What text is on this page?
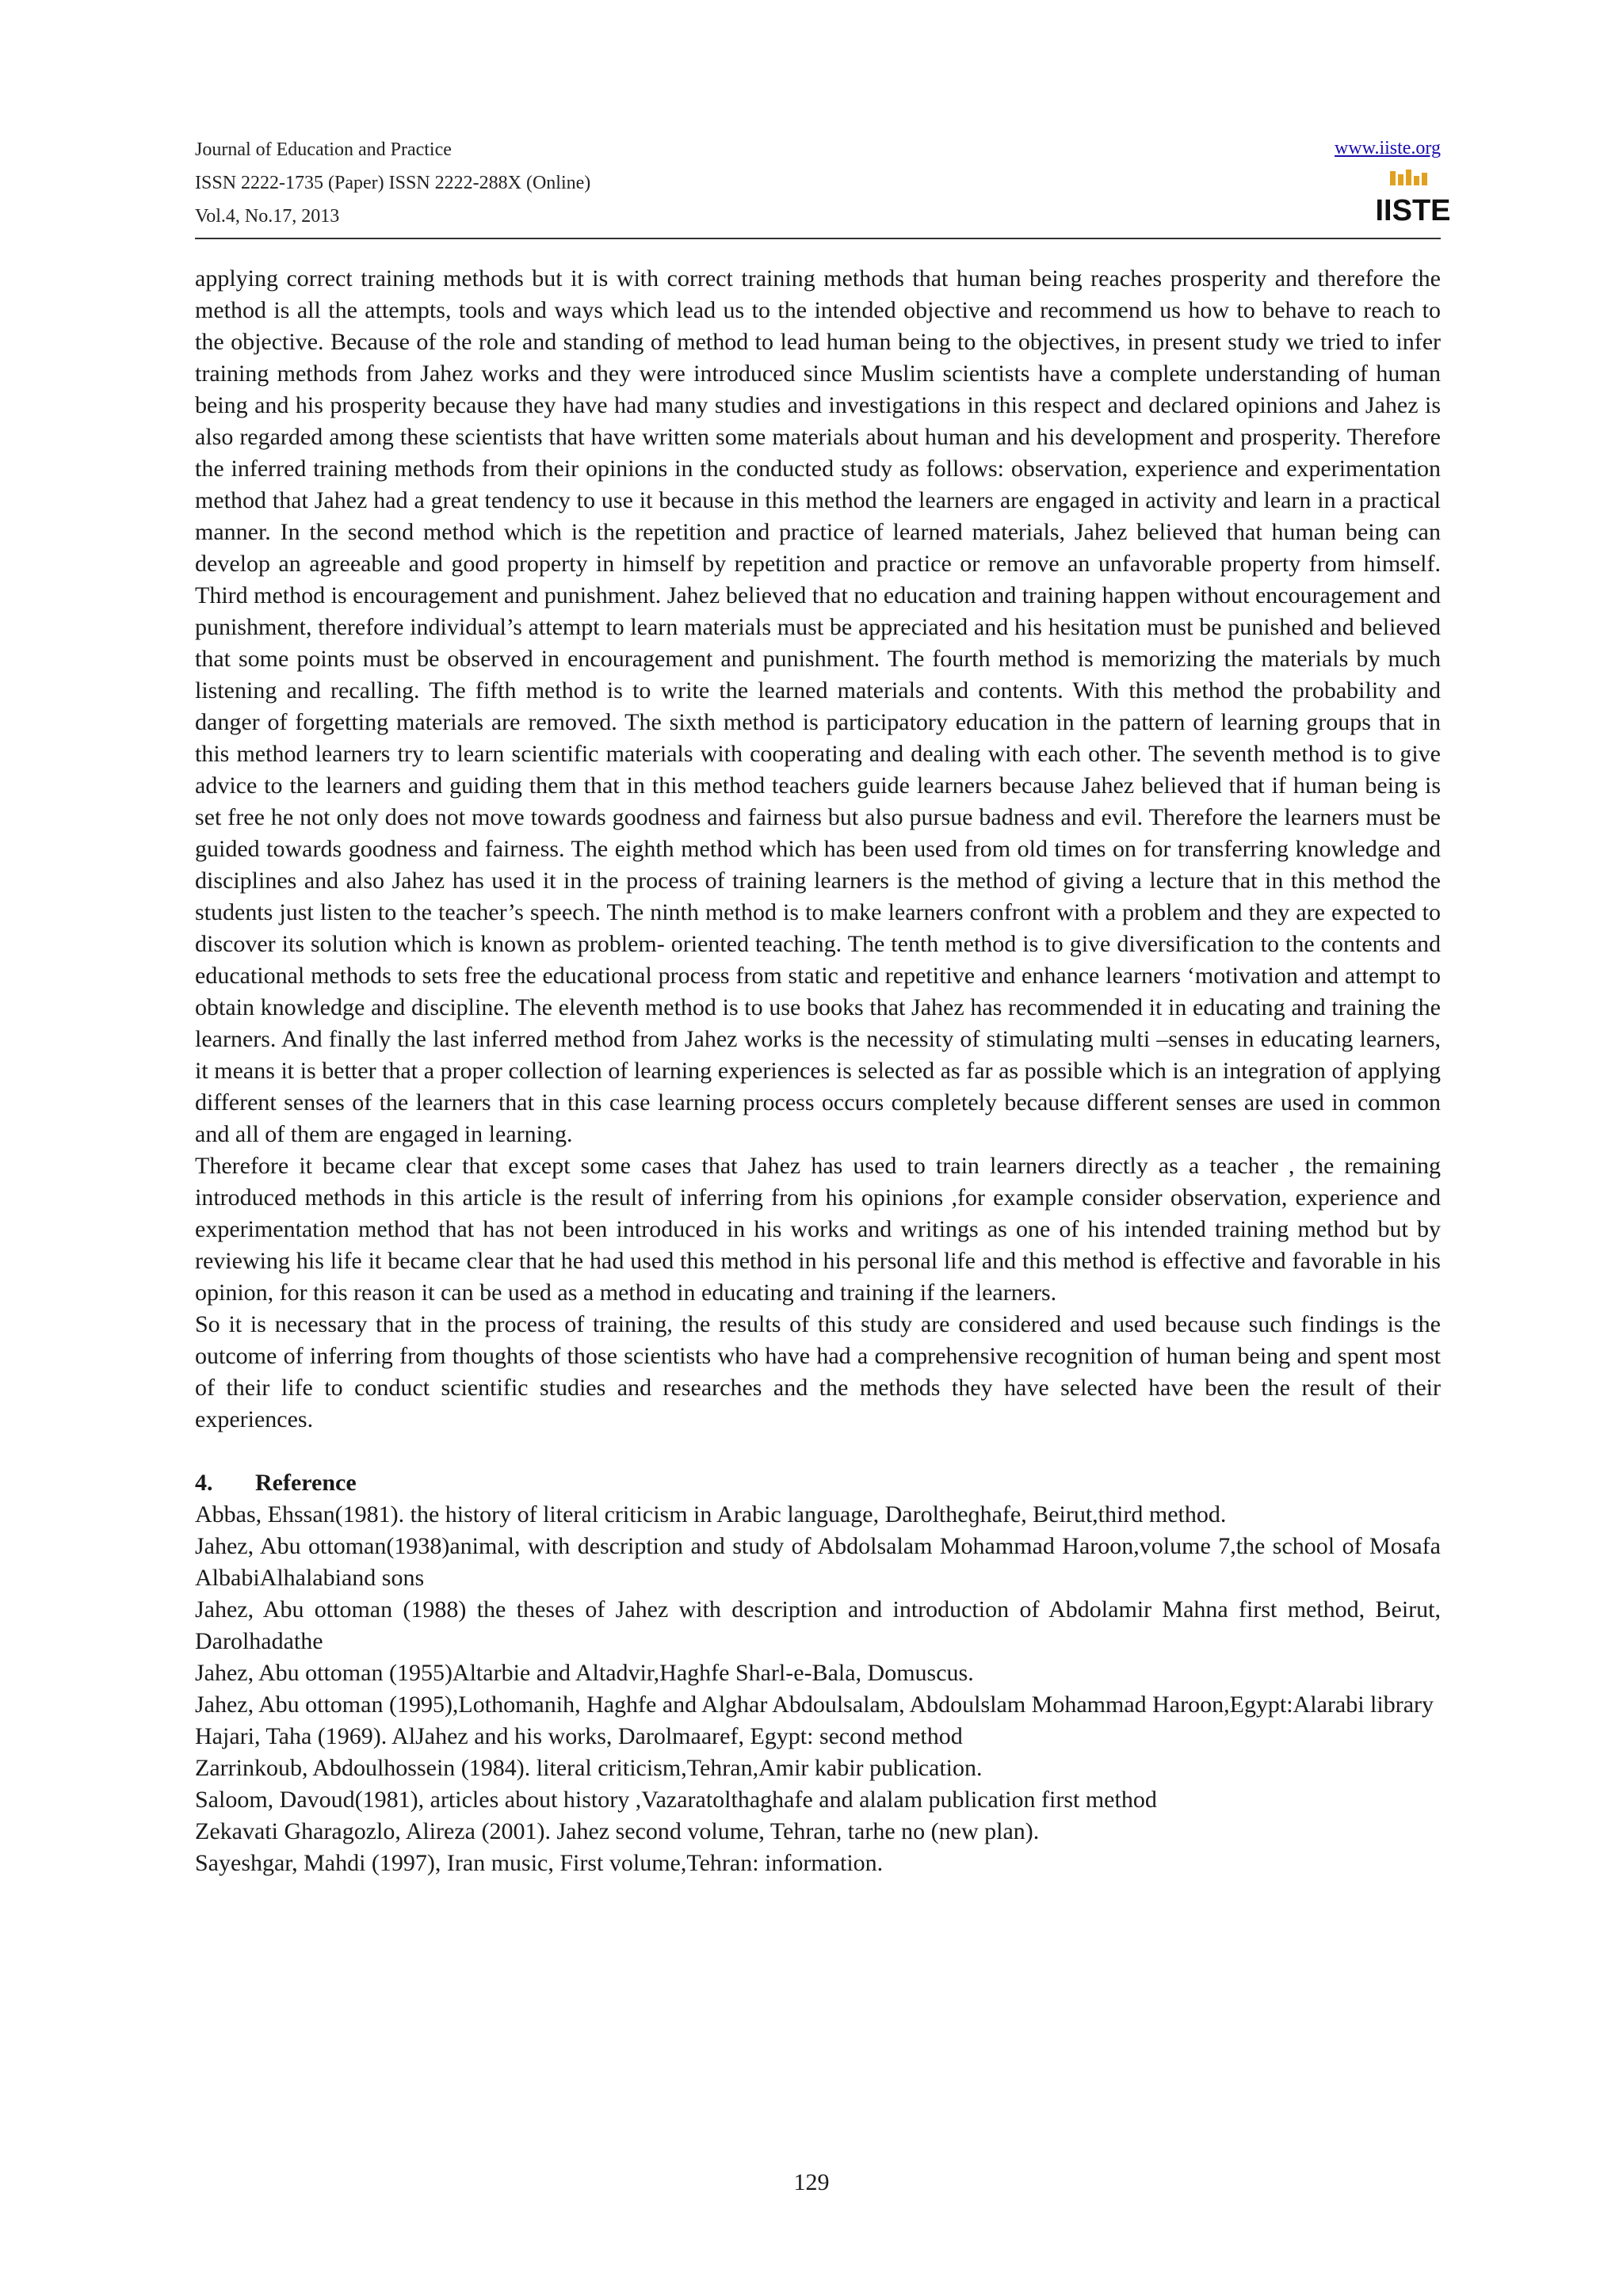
Journal of Education and Practice
ISSN 2222-1735 (Paper) ISSN 2222-288X (Online)
Vol.4, No.17, 2013
www.iiste.org
IISTE

applying correct training methods but it is with correct training methods that human being reaches prosperity and therefore the method is all the attempts, tools and ways which lead us to the intended objective and recommend us how to behave to reach to the objective. Because of the role and standing of method to lead human being to the objectives, in present study we tried to infer training methods from Jahez works and they were introduced since Muslim scientists have a complete understanding of human being and his prosperity because they have had many studies and investigations in this respect and declared opinions and Jahez is also regarded among these scientists that have written some materials about human and his development and prosperity. Therefore the inferred training methods from their opinions in the conducted study as follows: observation, experience and experimentation method that Jahez had a great tendency to use it because in this method the learners are engaged in activity and learn in a practical manner. In the second method which is the repetition and practice of learned materials, Jahez believed that human being can develop an agreeable and good property in himself by repetition and practice or remove an unfavorable property from himself. Third method is encouragement and punishment. Jahez believed that no education and training happen without encouragement and punishment, therefore individual’s attempt to learn materials must be appreciated and his hesitation must be punished and believed that some points must be observed in encouragement and punishment. The fourth method is memorizing the materials by much listening and recalling. The fifth method is to write the learned materials and contents. With this method the probability and danger of forgetting materials are removed. The sixth method is participatory education in the pattern of learning groups that in this method learners try to learn scientific materials with cooperating and dealing with each other. The seventh method is to give advice to the learners and guiding them that in this method teachers guide learners because Jahez believed that if human being is set free he not only does not move towards goodness and fairness but also pursue badness and evil. Therefore the learners must be guided towards goodness and fairness. The eighth method which has been used from old times on for transferring knowledge and disciplines and also Jahez has used it in the process of training learners is the method of giving a lecture that in this method the students just listen to the teacher’s speech. The ninth method is to make learners confront with a problem and they are expected to discover its solution which is known as problem- oriented teaching. The tenth method is to give diversification to the contents and educational methods to sets free the educational process from static and repetitive and enhance learners ‘motivation and attempt to obtain knowledge and discipline. The eleventh method is to use books that Jahez has recommended it in educating and training the learners. And finally the last inferred method from Jahez works is the necessity of stimulating multi –senses in educating learners, it means it is better that a proper collection of learning experiences is selected as far as possible which is an integration of applying different senses of the learners that in this case learning process occurs completely because different senses are used in common and all of them are engaged in learning.

Therefore it became clear that except some cases that Jahez has used to train learners directly as a teacher , the remaining introduced methods in this article is the result of inferring from his opinions ,for example consider observation, experience and experimentation method that has not been introduced in his works and writings as one of his intended training method but by reviewing his life it became clear that he had used this method in his personal life and this method is effective and favorable in his opinion, for this reason it can be used as a method in educating and training if the learners.

So it is necessary that in the process of training, the results of this study are considered and used because such findings is the outcome of inferring from thoughts of those scientists who have had a comprehensive recognition of human being and spent most of their life to conduct scientific studies and researches and the methods they have selected have been the result of their experiences.

4. Reference

Abbas, Ehssan(1981). the history of literal criticism in Arabic language, Daroltheɡhafe, Beirut,third method.

Jahez, Abu ottoman(1938)animal, with description and study of Abdolsalam Mohammad Haroon,volume 7,the school of Mosafa AlbabiAlhalabiand sons

Jahez, Abu ottoman (1988) the theses of Jahez with description and introduction of Abdolamir Mahna first method, Beirut, Darolhadathe

Jahez, Abu ottoman (1955)Altarbie and Altadvir,Haghfe Sharl-e-Bala, Domuscus.

Jahez, Abu ottoman (1995),Lothomanih, Haghfe and Alghar Abdoulsalam, Abdoulslam Mohammad Haroon,Egypt:Alarabi library

Hajari, Taha (1969). AlJahez and his works, Darolmaaref, Egypt: second method

Zarrinkoub, Abdoulhossein (1984). literal criticism,Tehran,Amir kabir publication.

Saloom, Davoud(1981), articles about history ,Vazaratolthaghafe and alalam publication first method

Zekavati Gharagozlo, Alireza (2001). Jahez second volume, Tehran, tarhe no (new plan).

Sayeshgar, Mahdi (1997), Iran music, First volume,Tehran: information.

129
